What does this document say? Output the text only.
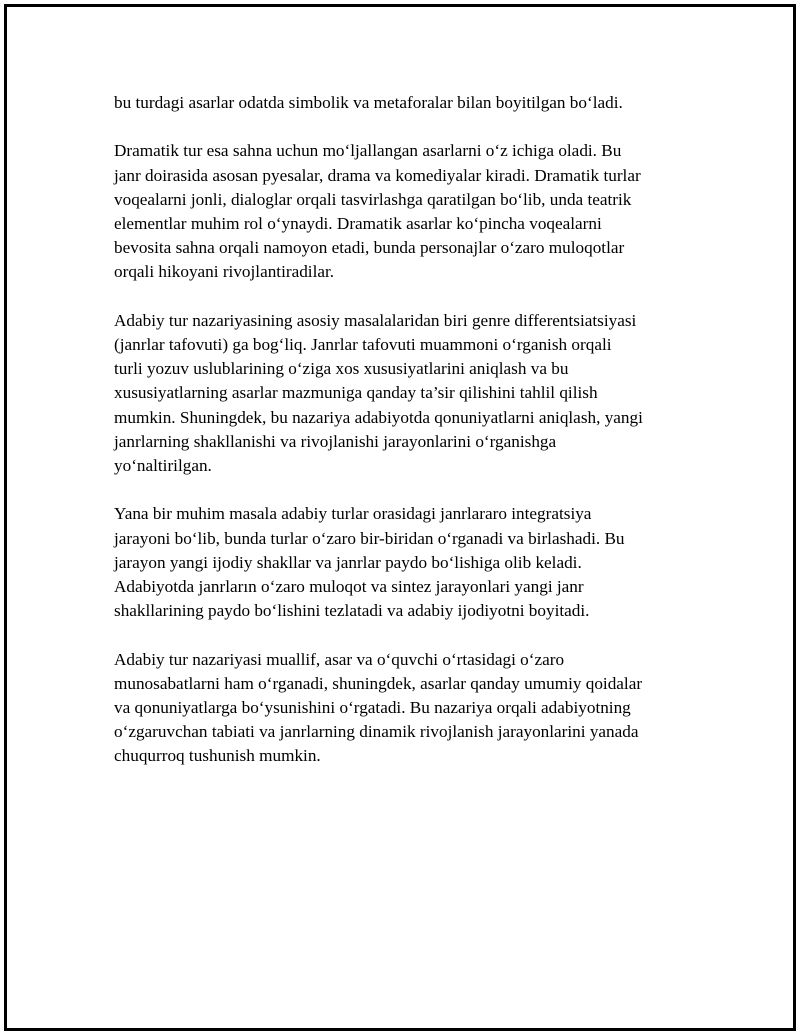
bu turdagi asarlar odatda simbolik va metaforalar bilan boyitilgan bo‘ladi.

Dramatik tur esa sahna uchun mo‘ljallangan asarlarni o‘z ichiga oladi. Bu
janr doirasida asosan pyesalar, drama va komediyalar kiradi. Dramatik turlar
voqealarni jonli, dialoglar orqali tasvirlashga qaratilgan bo‘lib, unda teatrik
elementlar muhim rol o‘ynaydi. Dramatik asarlar ko‘pincha voqealarni
bevosita sahna orqali namoyon etadi, bunda personajlar o‘zaro muloqotlar
orqali hikoyani rivojlantiradilar.

Adabiy tur nazariyasining asosiy masalalaridan biri genre differentsiatsiyasi
(janrlar tafovuti) ga bog‘liq. Janrlar tafovuti muammoni o‘rganish orqali
turli yozuv uslublarining o‘ziga xos xususiyatlarini aniqlash va bu
xususiyatlarning asarlar mazmuniga qanday ta’sir qilishini tahlil qilish
mumkin. Shuningdek, bu nazariya adabiyotda qonuniyatlarni aniqlash, yangi
janrlarning shakllanishi va rivojlanishi jarayonlarini o‘rganishga
yo‘naltirilgan.

Yana bir muhim masala adabiy turlar orasidagi janrlararo integratsiya
jarayoni bo‘lib, bunda turlar o‘zaro bir-biridan o‘rganadi va birlashadi. Bu
jarayon yangi ijodiy shakllar va janrlar paydo bo‘lishiga olib keladi.
Adabiyotda janrların o‘zaro muloqot va sintez jarayonlari yangi janr
shakllarining paydo bo‘lishini tezlatadi va adabiy ijodiyotni boyitadi.

Adabiy tur nazariyasi muallif, asar va o‘quvchi o‘rtasidagi o‘zaro
munosabatlarni ham o‘rganadi, shuningdek, asarlar qanday umumiy qoidalar
va qonuniyatlarga bo‘ysunishini o‘rgatadi. Bu nazariya orqali adabiyotning
o‘zgaruvchan tabiati va janrlarning dinamik rivojlanish jarayonlarini yanada
chuqurroq tushunish mumkin.
